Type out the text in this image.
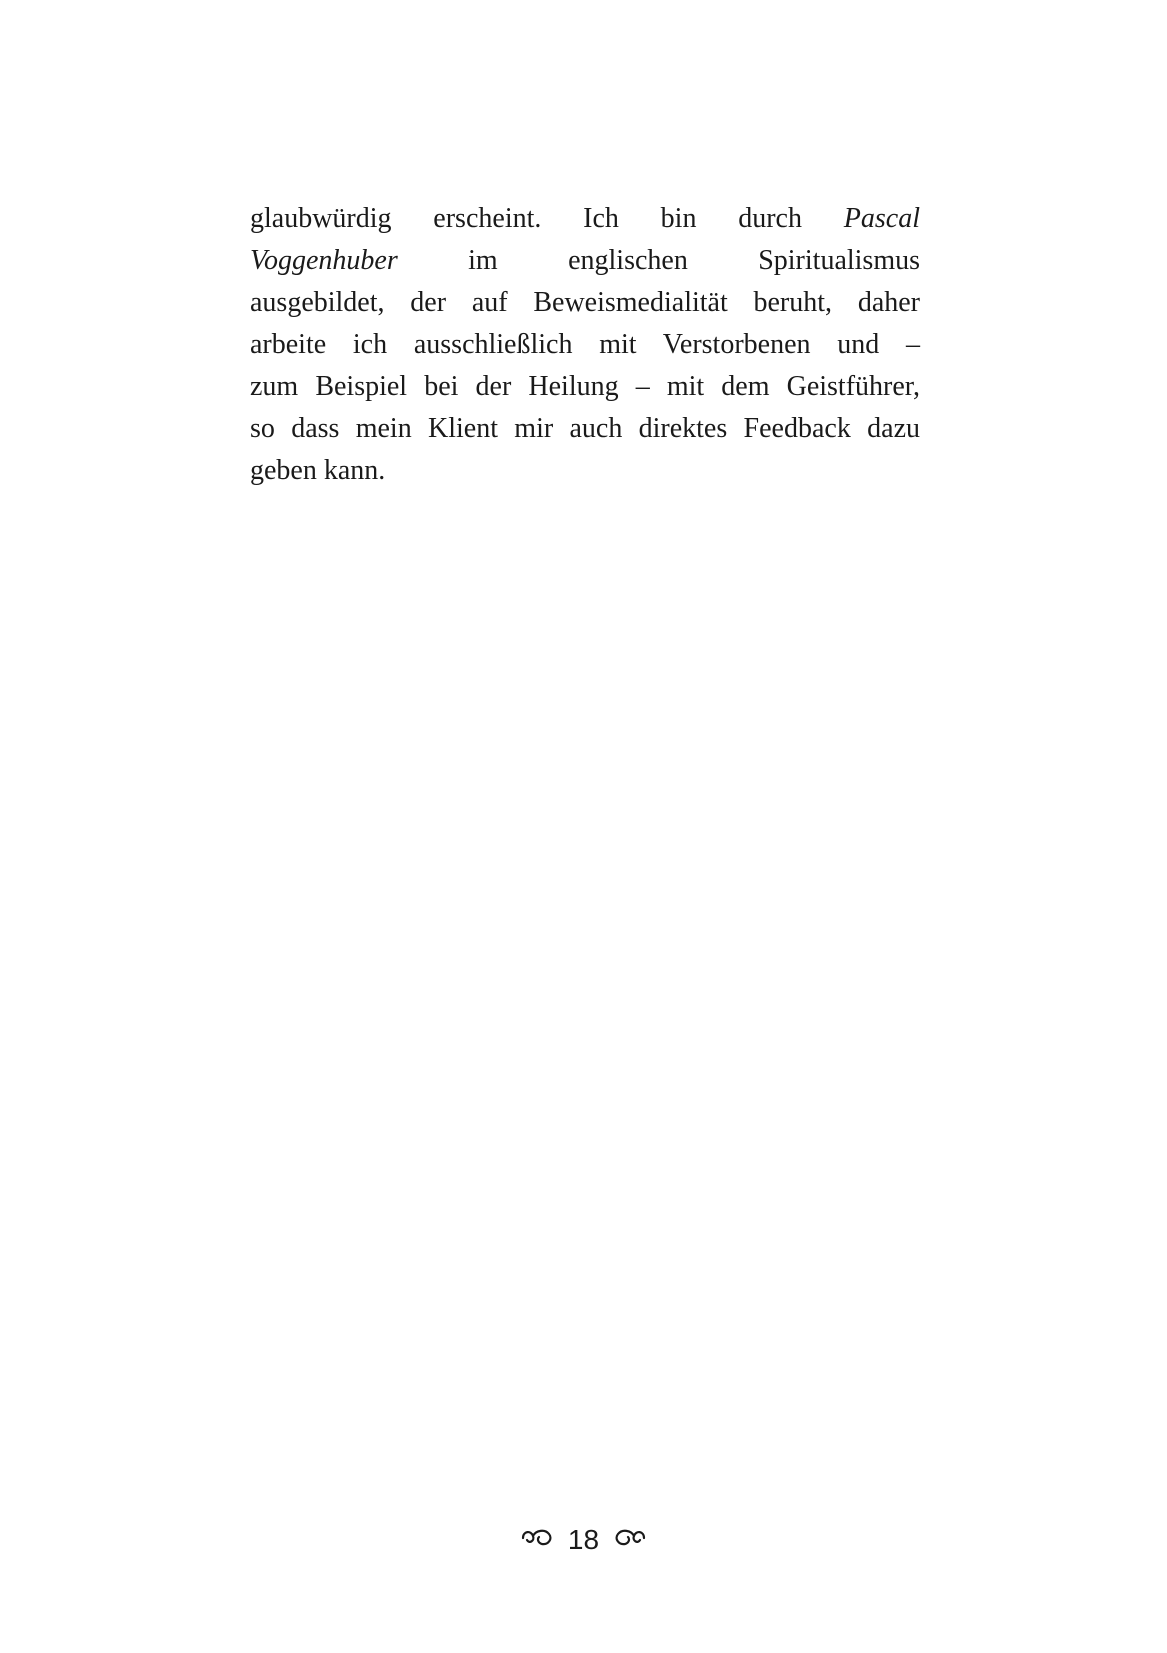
glaubwürdig erscheint. Ich bin durch Pascal
Voggenhuber im englischen Spiritualismus
ausgebildet, der auf Beweismedialität beruht, daher
arbeite ich ausschließlich mit Verstorbenen und –
zum Beispiel bei der Heilung – mit dem Geistführer,
so dass mein Klient mir auch direktes Feedback dazu
geben kann.
18
